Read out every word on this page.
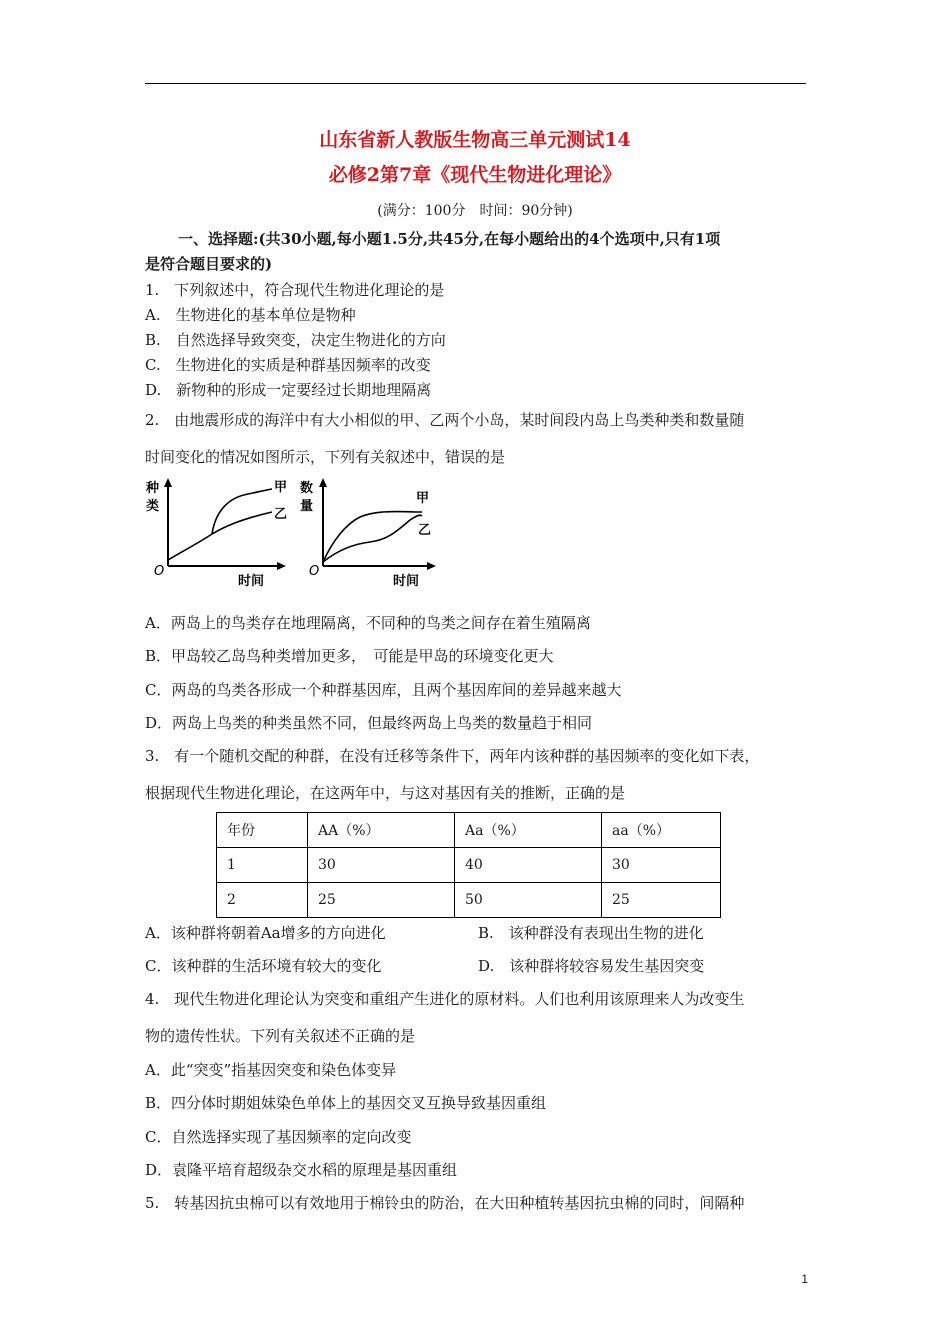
山东省新人教版生物高三单元测试14
必修2第7章《现代生物进化理论》
(满分：100分　时间：90分钟)
一、选择题:(共30小题,每小题1.5分,共45分,在每小题给出的4个选项中,只有1项
是符合题目要求的)
1.　下列叙述中，符合现代生物进化理论的是
A.　生物进化的基本单位是物种
B.　自然选择导致突变，决定生物进化的方向
C.　生物进化的实质是种群基因频率的改变
D.　新物种的形成一定要经过长期地理隔离
2.　由地震形成的海洋中有大小相似的甲、乙两个小岛，某时间段内岛上鸟类种类和数量随
时间变化的情况如图所示，下列有关叙述中，错误的是
种
类
O
时间
甲
乙
数
量
O
时间
甲
乙
A．两岛上的鸟类存在地理隔离，不同种的鸟类之间存在着生殖隔离
B．甲岛较乙岛鸟种类增加更多，　可能是甲岛的环境变化更大
C．两岛的鸟类各形成一个种群基因库，且两个基因库间的差异越来越大
D．两岛上鸟类的种类虽然不同，但最终两岛上鸟类的数量趋于相同
3.　有一个随机交配的种群，在没有迁移等条件下，两年内该种群的基因频率的变化如下表，
根据现代生物进化理论，在这两年中，与这对基因有关的推断，正确的是
年份	AA（%）	Aa（%）	aa（%）
1	30	40	30
2	25	50	25
A．该种群将朝着Aa增多的方向进化	B.　该种群没有表现出生物的进化
C．该种群的生活环境有较大的变化	D.　该种群将较容易发生基因突变
4.　现代生物进化理论认为突变和重组产生进化的原材料。人们也利用该原理来人为改变生
物的遗传性状。下列有关叙述不正确的是
A．此“突变”指基因突变和染色体变异
B．四分体时期姐妹染色单体上的基因交叉互换导致基因重组
C．自然选择实现了基因频率的定向改变
D．袁隆平培育超级杂交水稻的原理是基因重组
5.　转基因抗虫棉可以有效地用于棉铃虫的防治，在大田种植转基因抗虫棉的同时，间隔种
1
